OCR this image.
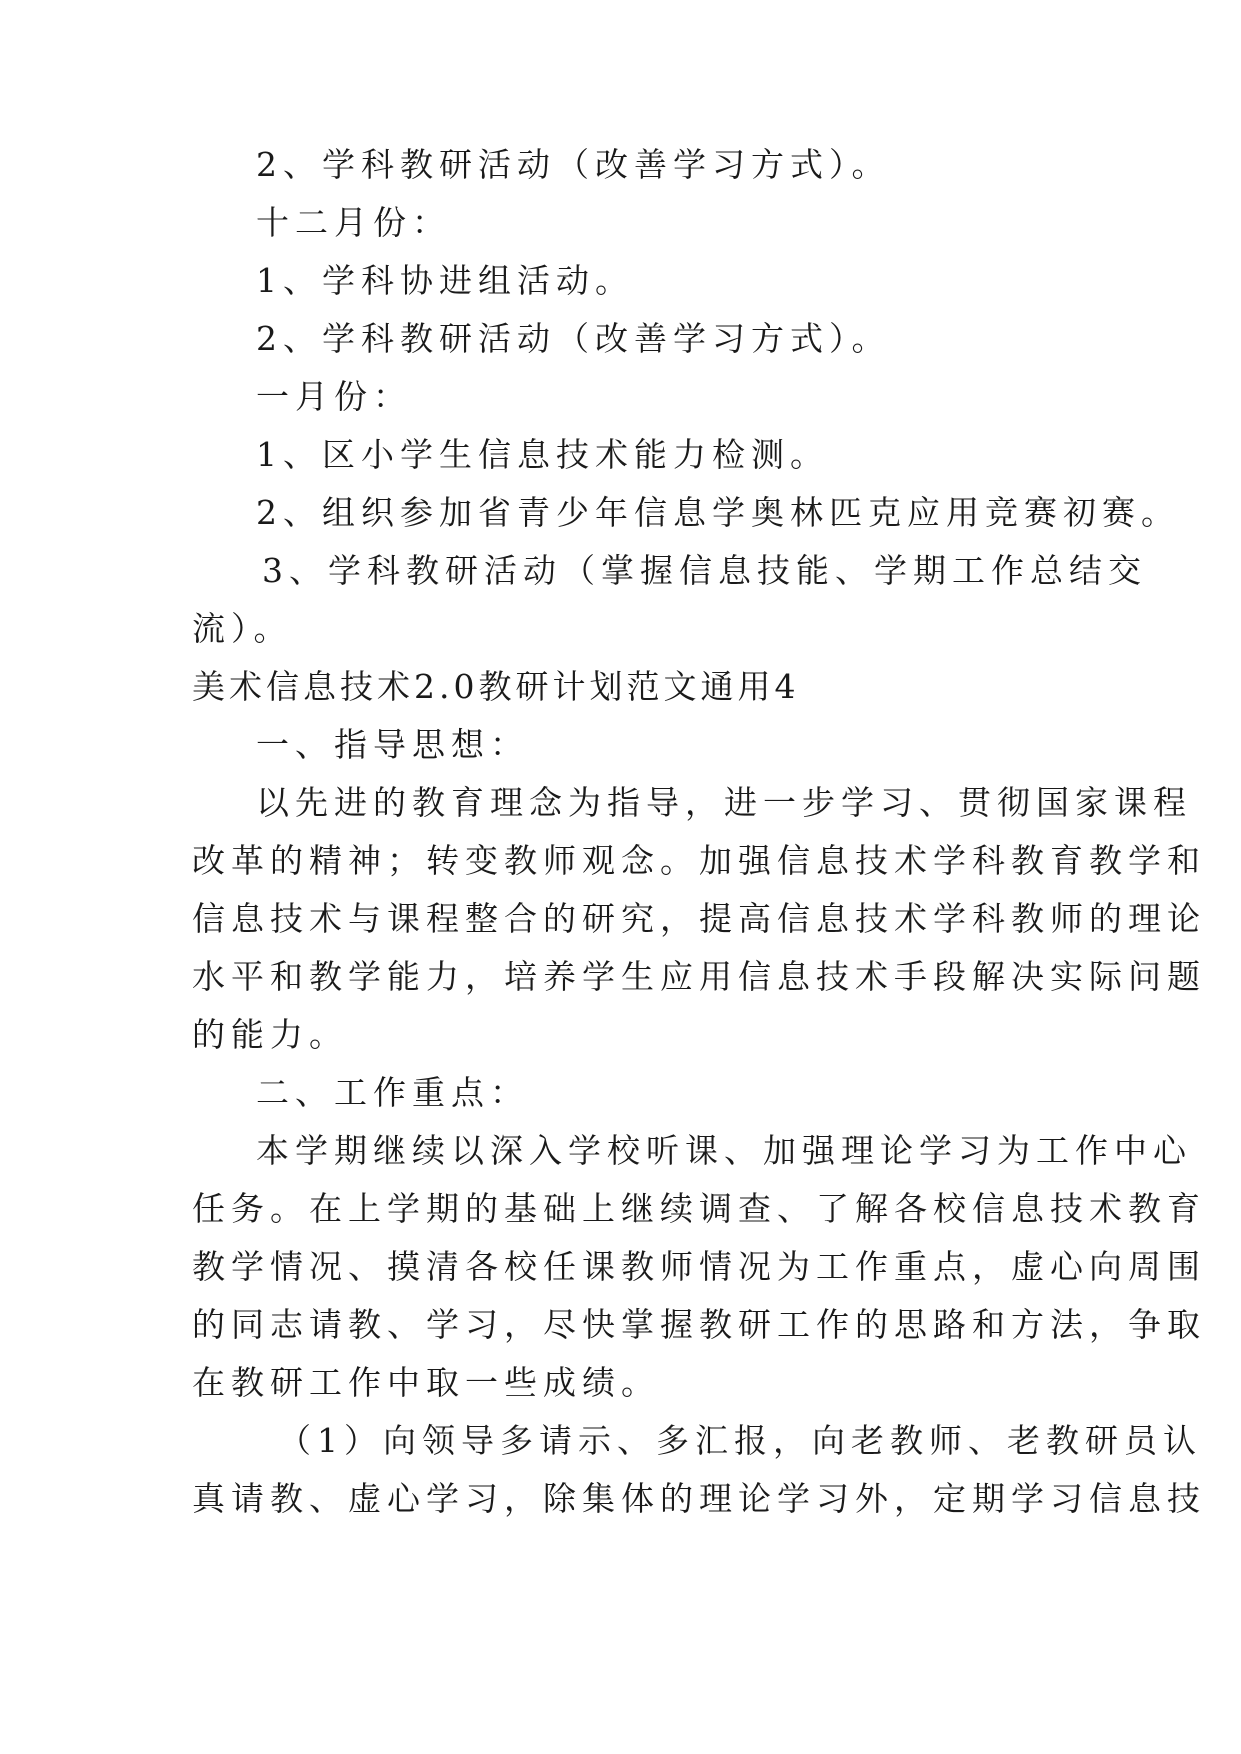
2、学科教研活动（改善学习方式）。
十二月份：
1、学科协进组活动。
2、学科教研活动（改善学习方式）。
一月份：
1、区小学生信息技术能力检测。
2、组织参加省青少年信息学奥林匹克应用竞赛初赛。
3、学科教研活动（掌握信息技能、学期工作总结交
流）。
美术信息技术2.0教研计划范文通用4
一、指导思想：
以先进的教育理念为指导，进一步学习、贯彻国家课程
改革的精神；转变教师观念。加强信息技术学科教育教学和
信息技术与课程整合的研究，提高信息技术学科教师的理论
水平和教学能力，培养学生应用信息技术手段解决实际问题
的能力。
二、工作重点：
本学期继续以深入学校听课、加强理论学习为工作中心
任务。在上学期的基础上继续调查、了解各校信息技术教育
教学情况、摸清各校任课教师情况为工作重点，虚心向周围
的同志请教、学习，尽快掌握教研工作的思路和方法，争取
在教研工作中取一些成绩。
（1）向领导多请示、多汇报，向老教师、老教研员认
真请教、虚心学习，除集体的理论学习外，定期学习信息技
